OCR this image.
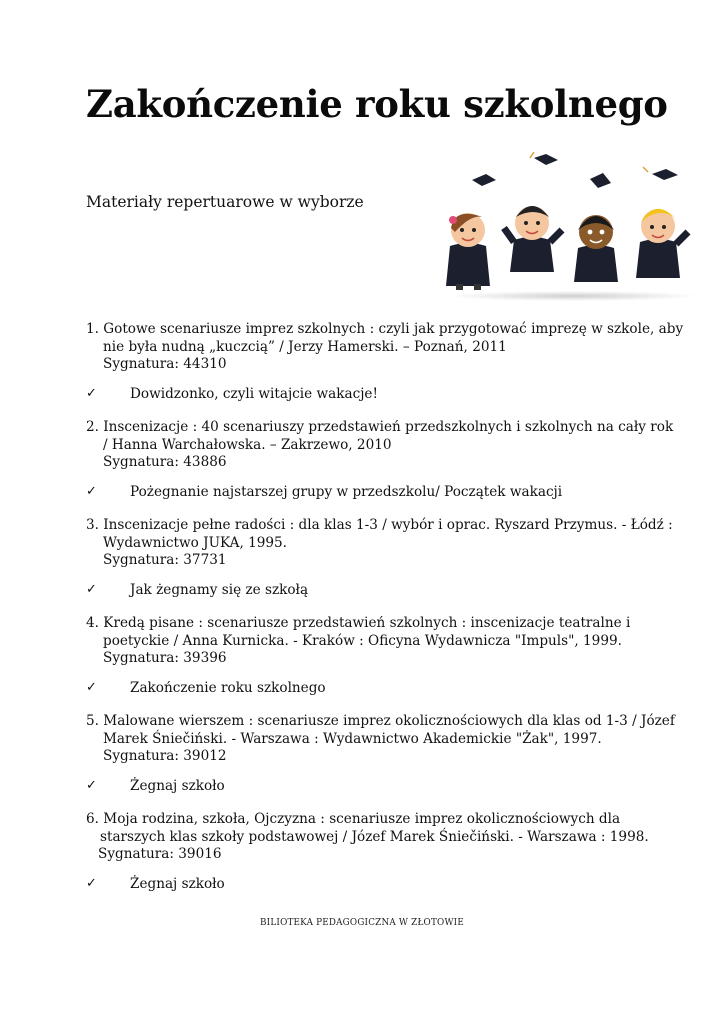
Zakończenie roku szkolnego
Materiały repertuarowe w wyborze
1. Gotowe scenariusze imprez szkolnych : czyli jak przygotować imprezę w szkole, aby
nie była nudną „kuczcią” / Jerzy Hamerski. – Poznań, 2011
Sygnatura: 44310
✓ Dowidzonko, czyli witajcie wakacje!
2. Inscenizacje : 40 scenariuszy przedstawień przedszkolnych i szkolnych na cały rok
/ Hanna Warchałowska. – Zakrzewo, 2010
Sygnatura: 43886
✓ Pożegnanie najstarszej grupy w przedszkolu/ Początek wakacji
3. Inscenizacje pełne radości : dla klas 1-3 / wybór i oprac. Ryszard Przymus. - Łódź :
Wydawnictwo JUKA, 1995.
Sygnatura: 37731
✓ Jak żegnamy się ze szkołą
4. Kredą pisane : scenariusze przedstawień szkolnych : inscenizacje teatralne i
poetyckie / Anna Kurnicka. - Kraków : Oficyna Wydawnicza "Impuls", 1999.
Sygnatura: 39396
✓ Zakończenie roku szkolnego
5. Malowane wierszem : scenariusze imprez okolicznościowych dla klas od 1-3 / Józef
Marek Śniečiński. - Warszawa : Wydawnictwo Akademickie "Żak", 1997.
Sygnatura: 39012
✓ Żegnaj szkoło
6. Moja rodzina, szkoła, Ojczyzna : scenariusze imprez okolicznościowych dla
starszych klas szkoły podstawowej / Józef Marek Śniečiński. - Warszawa : 1998.
Sygnatura: 39016
✓ Żegnaj szkoło
BILIOTEKA PEDAGOGICZNA W ZŁOTOWIE
